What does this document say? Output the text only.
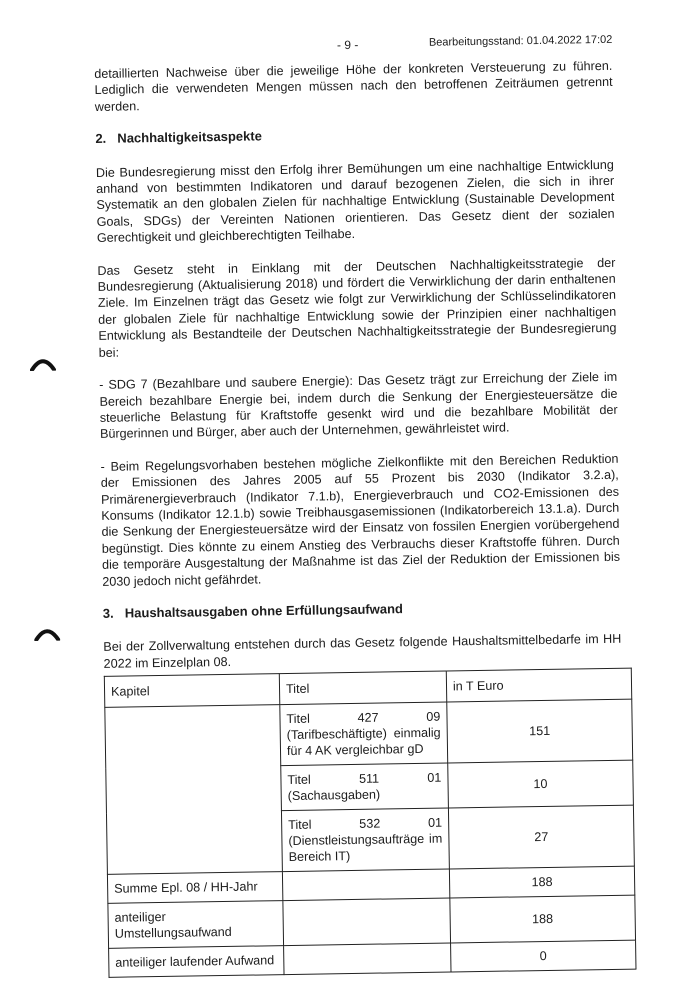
- 9 -	Bearbeitungsstand: 01.04.2022 17:02

detaillierten Nachweise über die jeweilige Höhe der konkreten Versteuerung zu führen. Lediglich die verwendeten Mengen müssen nach den betroffenen Zeiträumen getrennt werden.

2. Nachhaltigkeitsaspekte

Die Bundesregierung misst den Erfolg ihrer Bemühungen um eine nachhaltige Entwicklung anhand von bestimmten Indikatoren und darauf bezogenen Zielen, die sich in ihrer Systematik an den globalen Zielen für nachhaltige Entwicklung (Sustainable Development Goals, SDGs) der Vereinten Nationen orientieren. Das Gesetz dient der sozialen Gerechtigkeit und gleichberechtigten Teilhabe.

Das Gesetz steht in Einklang mit der Deutschen Nachhaltigkeitsstrategie der Bundesregierung (Aktualisierung 2018) und fördert die Verwirklichung der darin enthaltenen Ziele. Im Einzelnen trägt das Gesetz wie folgt zur Verwirklichung der Schlüsselindikatoren der globalen Ziele für nachhaltige Entwicklung sowie der Prinzipien einer nachhaltigen Entwicklung als Bestandteile der Deutschen Nachhaltigkeitsstrategie der Bundesregierung bei:

- SDG 7 (Bezahlbare und saubere Energie): Das Gesetz trägt zur Erreichung der Ziele im Bereich bezahlbare Energie bei, indem durch die Senkung der Energiesteuersätze die steuerliche Belastung für Kraftstoffe gesenkt wird und die bezahlbare Mobilität der Bürgerinnen und Bürger, aber auch der Unternehmen, gewährleistet wird.

- Beim Regelungsvorhaben bestehen mögliche Zielkonflikte mit den Bereichen Reduktion der Emissionen des Jahres 2005 auf 55 Prozent bis 2030 (Indikator 3.2.a), Primärenergieverbrauch (Indikator 7.1.b), Energieverbrauch und CO2-Emissionen des Konsums (Indikator 12.1.b) sowie Treibhausgasemissionen (Indikatorbereich 13.1.a). Durch die Senkung der Energiesteuersätze wird der Einsatz von fossilen Energien vorübergehend begünstigt. Dies könnte zu einem Anstieg des Verbrauchs dieser Kraftstoffe führen. Durch die temporäre Ausgestaltung der Maßnahme ist das Ziel der Reduktion der Emissionen bis 2030 jedoch nicht gefährdet.

3. Haushaltsausgaben ohne Erfüllungsaufwand

Bei der Zollverwaltung entstehen durch das Gesetz folgende Haushaltsmittelbedarfe im HH 2022 im Einzelplan 08.

Kapitel	Titel	in T Euro
	Titel 427 09 (Tarifbeschäftigte) einmalig für 4 AK vergleichbar gD	151
	Titel 511 01 (Sachausgaben)	10
	Titel 532 01 (Dienstleistungsaufträge im Bereich IT)	27
Summe Epl. 08 / HH-Jahr		188
anteiliger Umstellungsaufwand		188
anteiliger laufender Aufwand		0
